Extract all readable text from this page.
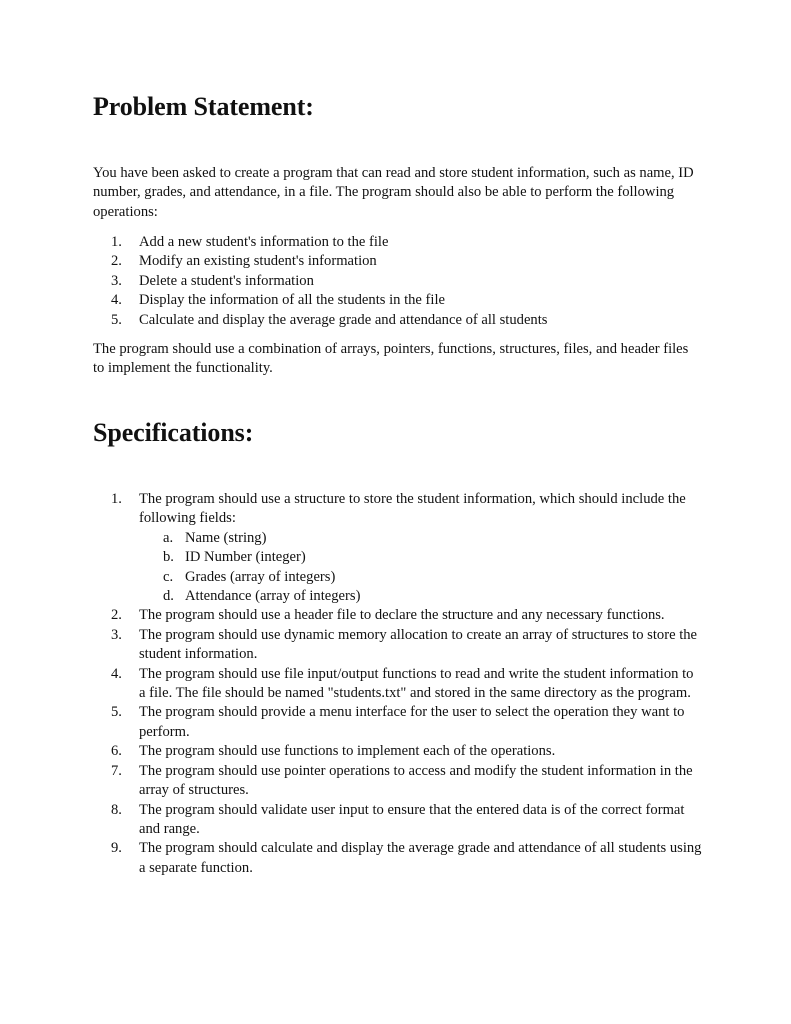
Problem Statement:

You have been asked to create a program that can read and store student information, such as name, ID number, grades, and attendance, in a file. The program should also be able to perform the following operations:

1.	Add a new student's information to the file
2.	Modify an existing student's information
3.	Delete a student's information
4.	Display the information of all the students in the file
5.	Calculate and display the average grade and attendance of all students

The program should use a combination of arrays, pointers, functions, structures, files, and header files to implement the functionality.

Specifications:
1.	The program should use a structure to store the student information, which should include the following fields:
a. Name (string)
b. ID Number (integer)
c. Grades (array of integers)
d. Attendance (array of integers)
2.	The program should use a header file to declare the structure and any necessary functions.
3.	The program should use dynamic memory allocation to create an array of structures to store the student information.
4.	The program should use file input/output functions to read and write the student information to a file. The file should be named "students.txt" and stored in the same directory as the program.
5.	The program should provide a menu interface for the user to select the operation they want to perform.
6.	The program should use functions to implement each of the operations.
7.	The program should use pointer operations to access and modify the student information in the array of structures.
8.	The program should validate user input to ensure that the entered data is of the correct format and range.
9.	The program should calculate and display the average grade and attendance of all students using a separate function.
